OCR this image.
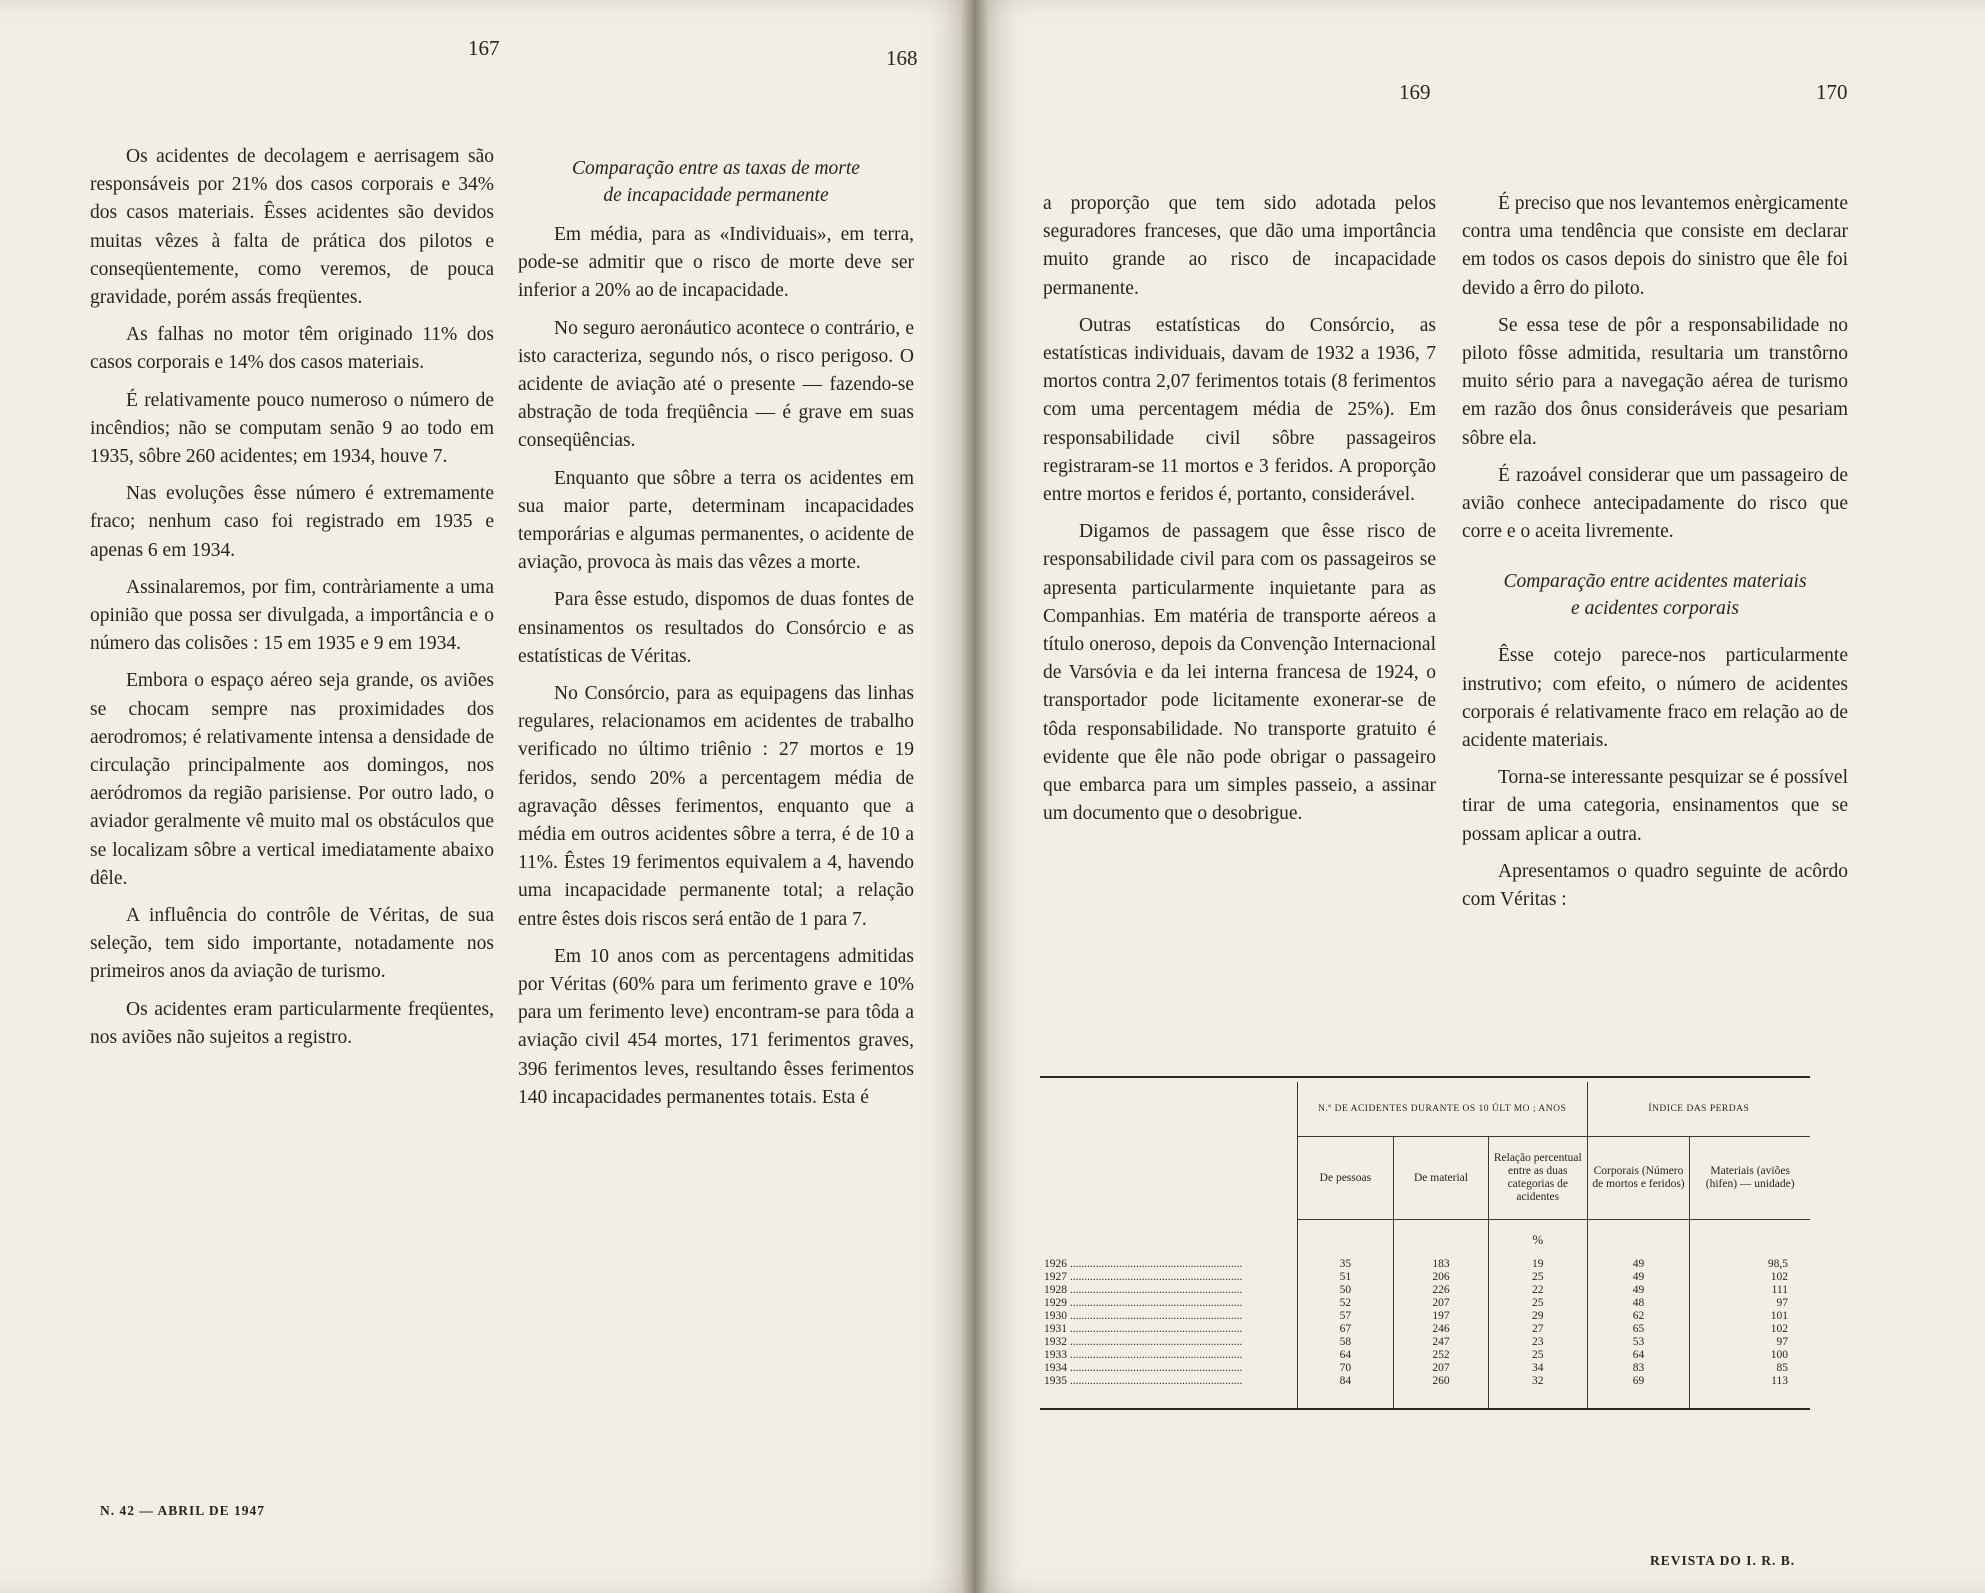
167	168
169	170

Os acidentes de decolagem e aerrisagem são responsáveis por 21% dos casos corporais e 34% dos casos materiais. Êsses acidentes são devidos muitas vêzes à falta de prática dos pilotos e conseqüentemente, como veremos, de pouca gravidade, porém assás freqüentes.

As falhas no motor têm originado 11% dos casos corporais e 14% dos casos materiais.

É relativamente pouco numeroso o número de incêndios; não se computam senão 9 ao todo em 1935, sôbre 260 acidentes; em 1934, houve 7.

Nas evoluções êsse número é extremamente fraco; nenhum caso foi registrado em 1935 e apenas 6 em 1934.

Assinalaremos, por fim, contràriamente a uma opinião que possa ser divulgada, a importância e o número das colisões : 15 em 1935 e 9 em 1934.

Embora o espaço aéreo seja grande, os aviões se chocam sempre nas proximidades dos aerodromos; é relativamente intensa a densidade de circulação principalmente aos domingos, nos aeródromos da região parisiense. Por outro lado, o aviador geralmente vê muito mal os obstáculos que se localizam sôbre a vertical imediatamente abaixo dêle.

A influência do contrôle de Véritas, de sua seleção, tem sido importante, notadamente nos primeiros anos da aviação de turismo.

Os acidentes eram particularmente freqüentes, nos aviões não sujeitos a registro.

Comparação entre as taxas de morte
de incapacidade permanente

Em média, para as «Individuais», em terra, pode-se admitir que o risco de morte deve ser inferior a 20% ao de incapacidade.

No seguro aeronáutico acontece o contrário, e isto caracteriza, segundo nós, o risco perigoso. O acidente de aviação até o presente — fazendo-se abstração de toda freqüência — é grave em suas conseqüências.

Enquanto que sôbre a terra os acidentes em sua maior parte, determinam incapacidades temporárias e algumas permanentes, o acidente de aviação, provoca às mais das vêzes a morte.

Para êsse estudo, dispomos de duas fontes de ensinamentos os resultados do Consórcio e as estatísticas de Véritas.

No Consórcio, para as equipagens das linhas regulares, relacionamos em acidentes de trabalho verificado no último triênio : 27 mortos e 19 feridos, sendo 20% a percentagem média de agravação dêsses ferimentos, enquanto que a média em outros acidentes sôbre a terra, é de 10 a 11%. Êstes 19 ferimentos equivalem a 4, havendo uma incapacidade permanente total; a relação entre êstes dois riscos será então de 1 para 7.

Em 10 anos com as percentagens admitidas por Véritas (60% para um ferimento grave e 10% para um ferimento leve) encontram-se para tôda a aviação civil 454 mortes, 171 ferimentos graves, 396 ferimentos leves, resultando êsses ferimentos 140 incapacidades permanentes totais. Esta é

a proporção que tem sido adotada pelos seguradores franceses, que dão uma importância muito grande ao risco de incapacidade permanente.

Outras estatísticas do Consórcio, as estatísticas individuais, davam de 1932 a 1936, 7 mortos contra 2,07 ferimentos totais (8 ferimentos com uma percentagem média de 25%). Em responsabilidade civil sôbre passageiros registraram-se 11 mortos e 3 feridos. A proporção entre mortos e feridos é, portanto, considerável.

Digamos de passagem que êsse risco de responsabilidade civil para com os passageiros se apresenta particularmente inquietante para as Companhias. Em matéria de transporte aéreos a título oneroso, depois da Convenção Internacional de Varsóvia e da lei interna francesa de 1924, o transportador pode licitamente exonerar-se de tôda responsabilidade. No transporte gratuito é evidente que êle não pode obrigar o passageiro que embarca para um simples passeio, a assinar um documento que o desobrigue.

É preciso que nos levantemos enèrgicamente contra uma tendência que consiste em declarar em todos os casos depois do sinistro que êle foi devido a êrro do piloto.

Se essa tese de pôr a responsabilidade no piloto fôsse admitida, resultaria um transtôrno muito sério para a navegação aérea de turismo em razão dos ônus consideráveis que pesariam sôbre ela.

É razoável considerar que um passageiro de avião conhece antecipadamente do risco que corre e o aceita livremente.

Comparação entre acidentes materiais
e acidentes corporais

Êsse cotejo parece-nos particularmente instrutivo; com efeito, o número de acidentes corporais é relativamente fraco em relação ao de acidente materiais.

Torna-se interessante pesquizar se é possível tirar de uma categoria, ensinamentos que se possam aplicar a outra.

Apresentamos o quadro seguinte de acôrdo com Véritas :

	N.º DE ACIDENTES DURANTE OS 10 ÚLT MO ; ANOS			ÍNDICE DAS PERDAS	
	De pessoas	De material	Relação percentual entre as duas categorias de acidentes	Corporais (Número de mortos e feridos)	Materiais (aviões (hifen) — unidade)
			%		
1926 ............................................................	35	183	19	49	98,5
1927 ............................................................	51	206	25	49	102
1928 ............................................................	50	226	22	49	111
1929 ............................................................	52	207	25	48	97
1930 ............................................................	57	197	29	62	101
1931 ............................................................	67	246	27	65	102
1932 ............................................................	58	247	23	53	97
1933 ............................................................	64	252	25	64	100
1934 ............................................................	70	207	34	83	85
1935 ............................................................	84	260	32	69	113

N. 42 — ABRIL DE 1947
REVISTA DO I. R. B.
